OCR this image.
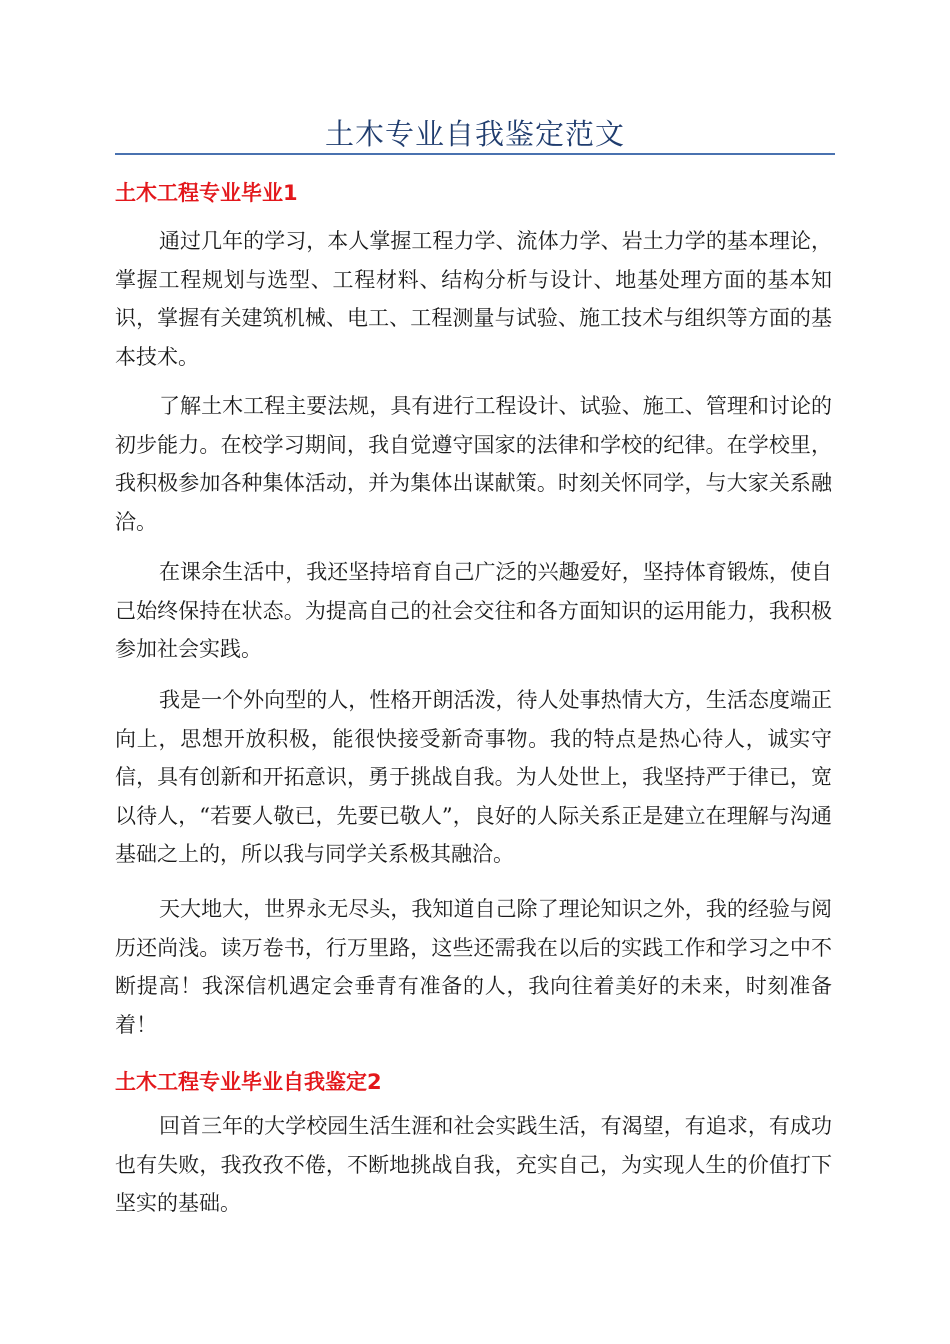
土木专业自我鉴定范文
土木工程专业毕业1

通过几年的学习，本人掌握工程力学、流体力学、岩土力学的基本理论，掌握工程规划与选型、工程材料、结构分析与设计、地基处理方面的基本知识，掌握有关建筑机械、电工、工程测量与试验、施工技术与组织等方面的基本技术。

了解土木工程主要法规，具有进行工程设计、试验、施工、管理和讨论的初步能力。在校学习期间，我自觉遵守国家的法律和学校的纪律。在学校里，我积极参加各种集体活动，并为集体出谋献策。时刻关怀同学，与大家关系融洽。

在课余生活中，我还坚持培育自己广泛的兴趣爱好，坚持体育锻炼，使自己始终保持在状态。为提高自己的社会交往和各方面知识的运用能力，我积极参加社会实践。

我是一个外向型的人，性格开朗活泼，待人处事热情大方，生活态度端正向上，思想开放积极，能很快接受新奇事物。我的特点是热心待人，诚实守信，具有创新和开拓意识，勇于挑战自我。为人处世上，我坚持严于律已，宽以待人，“若要人敬已，先要已敬人”，良好的人际关系正是建立在理解与沟通基础之上的，所以我与同学关系极其融洽。

天大地大，世界永无尽头，我知道自己除了理论知识之外，我的经验与阅历还尚浅。读万卷书，行万里路，这些还需我在以后的实践工作和学习之中不断提高！我深信机遇定会垂青有准备的人，我向往着美好的未来，时刻准备着！

土木工程专业毕业自我鉴定2

回首三年的大学校园生活生涯和社会实践生活，有渴望，有追求，有成功也有失败，我孜孜不倦，不断地挑战自我，充实自己，为实现人生的价值打下坚实的基础。
